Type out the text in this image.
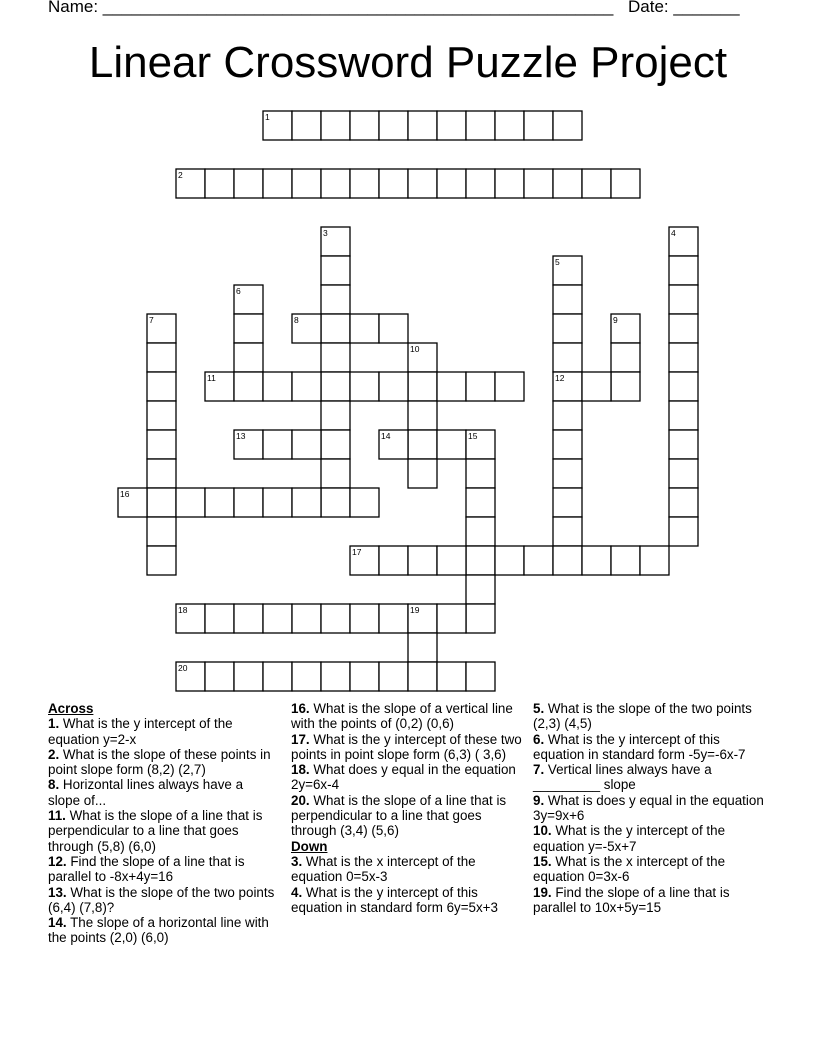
Name: ______________________________________________________ Date: _______
Linear Crossword Puzzle Project
1
2
3	4
5
6
7	8	9
10
11	12
13	14	15
16
17
18	19
20
Across
1. What is the y intercept of the equation y=2-x
2. What is the slope of these points in point slope form (8,2) (2,7)
8. Horizontal lines always have a slope of...
11. What is the slope of a line that is perpendicular to a line that goes through (5,8) (6,0)
12. Find the slope of a line that is parallel to -8x+4y=16
13. What is the slope of the two points (6,4) (7,8)?
14. The slope of a horizontal line with the points (2,0) (6,0)
16. What is the slope of a vertical line with the points of (0,2) (0,6)
17. What is the y intercept of these two points in point slope form (6,3) ( 3,6)
18. What does y equal in the equation 2y=6x-4
20. What is the slope of a line that is perpendicular to a line that goes through (3,4) (5,6)
Down
3. What is the x intercept of the equation 0=5x-3
4. What is the y intercept of this equation in standard form 6y=5x+3
5. What is the slope of the two points (2,3) (4,5)
6. What is the y intercept of this equation in standard form -5y=-6x-7
7. Vertical lines always have a _________ slope
9. What is does y equal in the equation 3y=9x+6
10. What is the y intercept of the equation y=-5x+7
15. What is the x intercept of the equation 0=3x-6
19. Find the slope of a line that is parallel to 10x+5y=15
